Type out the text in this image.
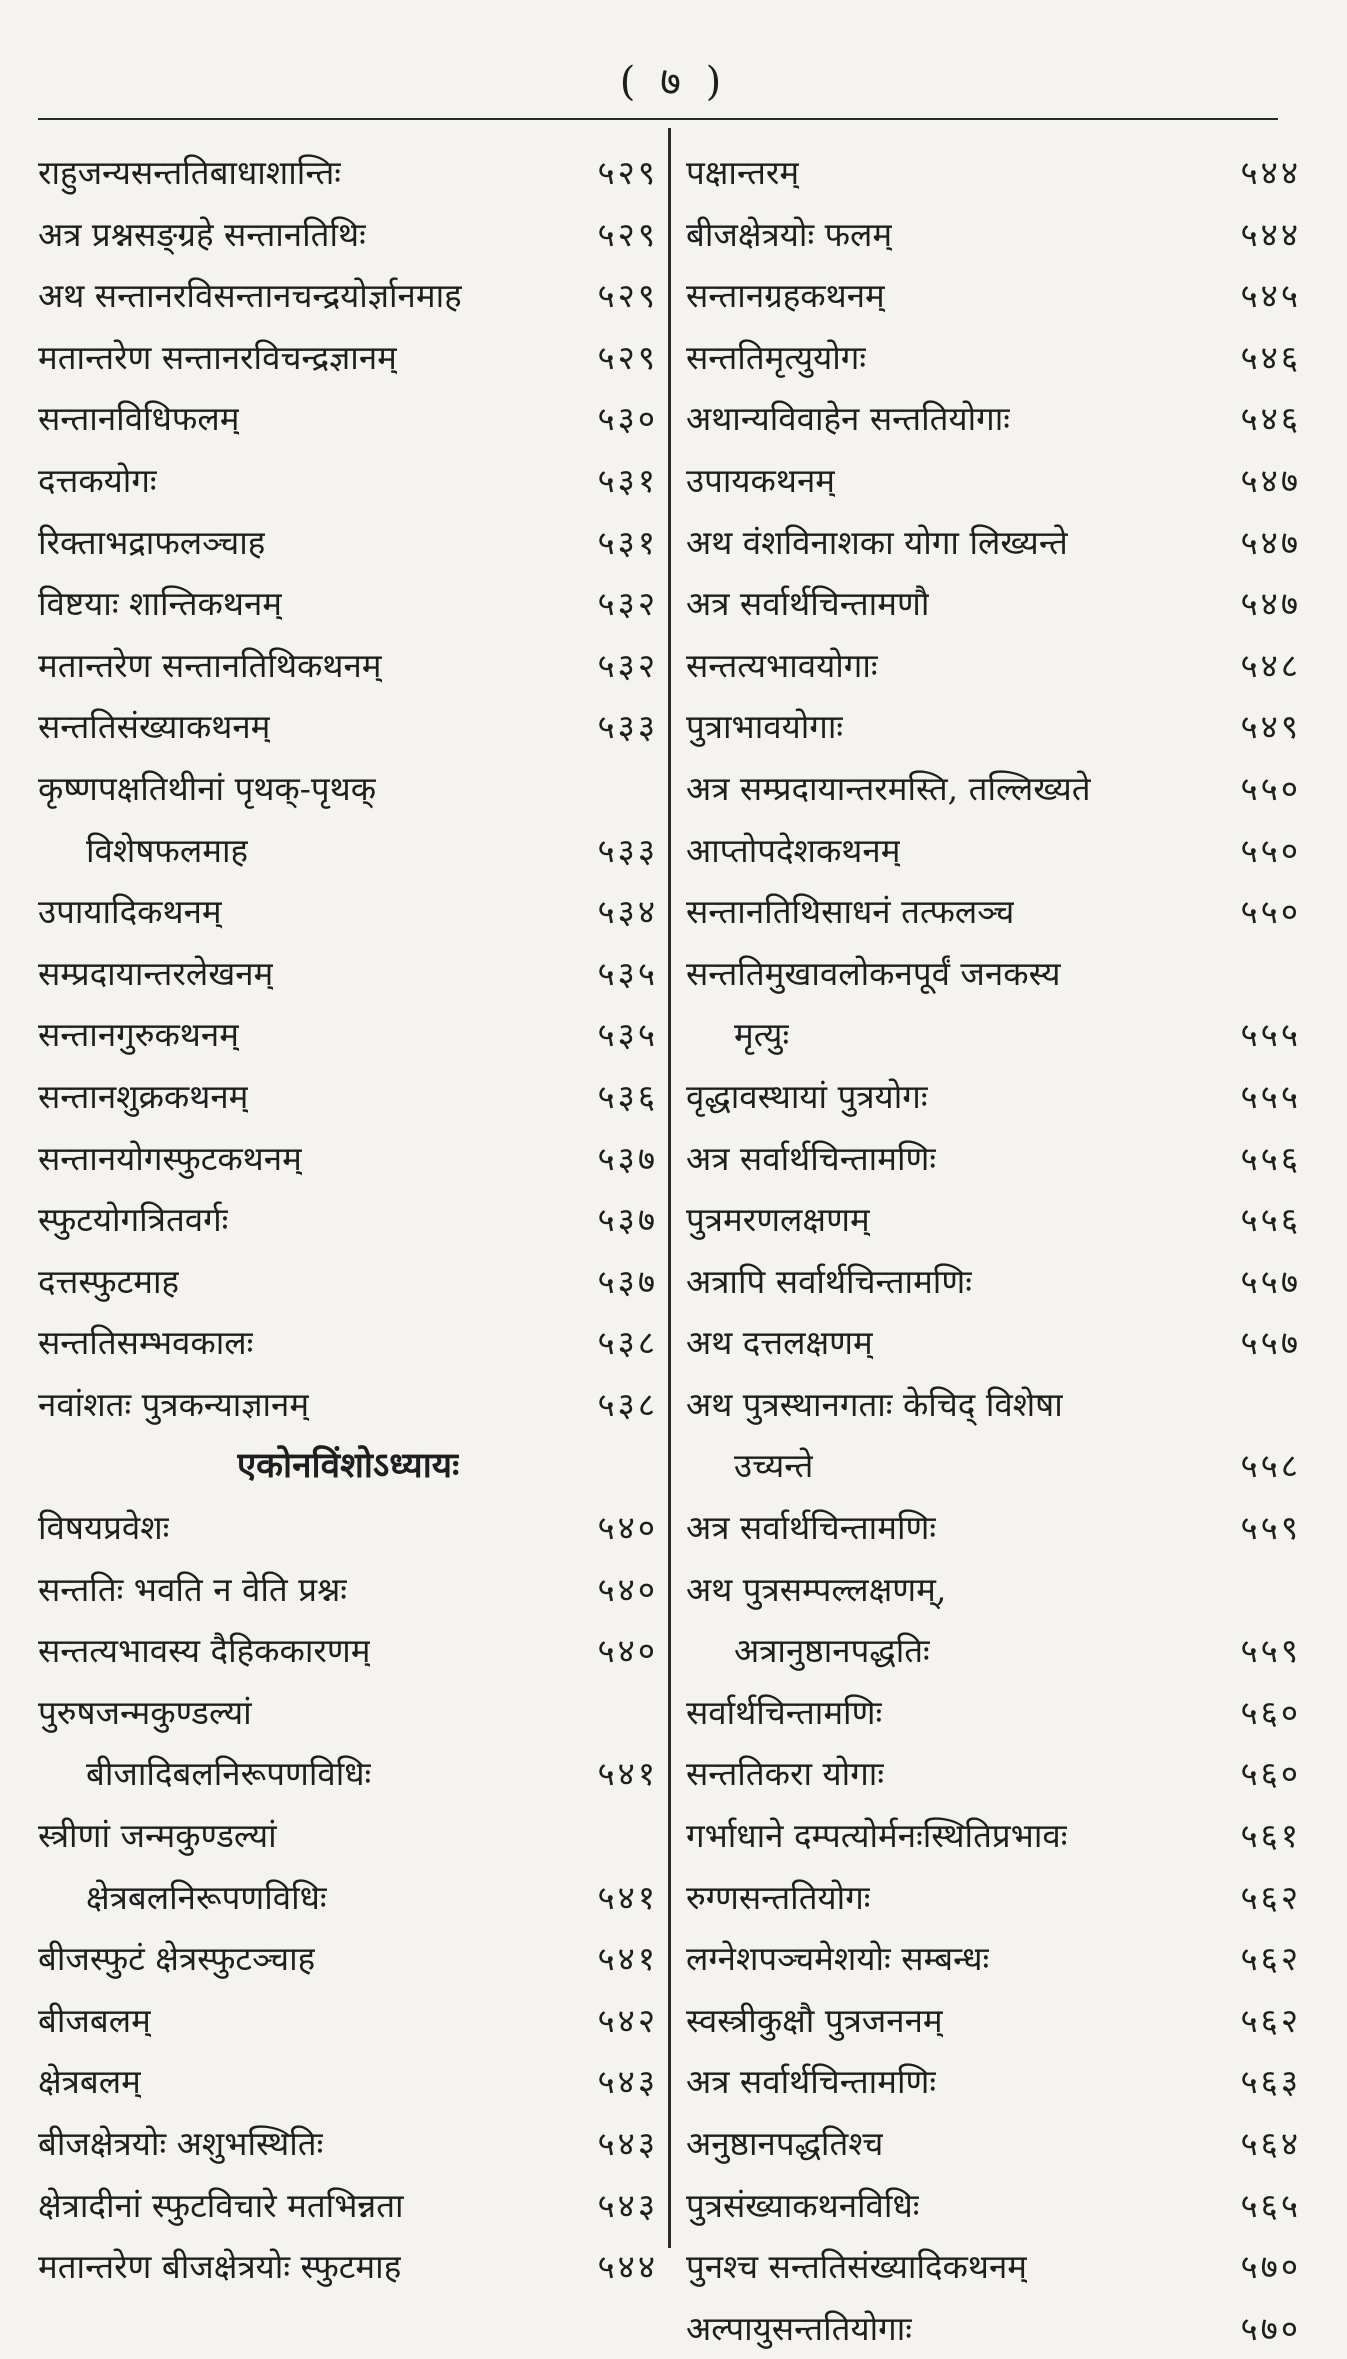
( ७ )
राहुजन्यसन्ततिबाधाशान्तिः	५२९
अत्र प्रश्नसङ्ग्रहे सन्तानतिथिः	५२९
अथ सन्तानरविसन्तानचन्द्रयोर्ज्ञानमाह	५२९
मतान्तरेण सन्तानरविचन्द्रज्ञानम्	५२९
सन्तानविधिफलम्	५३०
दत्तकयोगः	५३१
रिक्ताभद्राफलञ्चाह	५३१
विष्टयाः शान्तिकथनम्	५३२
मतान्तरेण सन्तानतिथिकथनम्	५३२
सन्ततिसंख्याकथनम्	५३३
कृष्णपक्षतिथीनां पृथक्-पृथक्
विशेषफलमाह	५३३
उपायादिकथनम्	५३४
सम्प्रदायान्तरलेखनम्	५३५
सन्तानगुरुकथनम्	५३५
सन्तानशुक्रकथनम्	५३६
सन्तानयोगस्फुटकथनम्	५३७
स्फुटयोगत्रितवर्गः	५३७
दत्तस्फुटमाह	५३७
सन्ततिसम्भवकालः	५३८
नवांशतः पुत्रकन्याज्ञानम्	५३८
एकोनविंशोऽध्यायः
विषयप्रवेशः	५४०
सन्ततिः भवति न वेति प्रश्नः	५४०
सन्तत्यभावस्य दैहिककारणम्	५४०
पुरुषजन्मकुण्डल्यां
बीजादिबलनिरूपणविधिः	५४१
स्त्रीणां जन्मकुण्डल्यां
क्षेत्रबलनिरूपणविधिः	५४१
बीजस्फुटं क्षेत्रस्फुटञ्चाह	५४१
बीजबलम्	५४२
क्षेत्रबलम्	५४३
बीजक्षेत्रयोः अशुभस्थितिः	५४३
क्षेत्रादीनां स्फुटविचारे मतभिन्नता	५४३
मतान्तरेण बीजक्षेत्रयोः स्फुटमाह	५४४
पक्षान्तरम्	५४४
बीजक्षेत्रयोः फलम्	५४४
सन्तानग्रहकथनम्	५४५
सन्ततिमृत्युयोगः	५४६
अथान्यविवाहेन सन्ततियोगाः	५४६
उपायकथनम्	५४७
अथ वंशविनाशका योगा लिख्यन्ते	५४७
अत्र सर्वार्थचिन्तामणौ	५४७
सन्तत्यभावयोगाः	५४८
पुत्राभावयोगाः	५४९
अत्र सम्प्रदायान्तरमस्ति, तल्लिख्यते	५५०
आप्तोपदेशकथनम्	५५०
सन्तानतिथिसाधनं तत्फलञ्च	५५०
सन्ततिमुखावलोकनपूर्वं जनकस्य
मृत्युः	५५५
वृद्धावस्थायां पुत्रयोगः	५५५
अत्र सर्वार्थचिन्तामणिः	५५६
पुत्रमरणलक्षणम्	५५६
अत्रापि सर्वार्थचिन्तामणिः	५५७
अथ दत्तलक्षणम्	५५७
अथ पुत्रस्थानगताः केचिद् विशेषा
उच्यन्ते	५५८
अत्र सर्वार्थचिन्तामणिः	५५९
अथ पुत्रसम्पल्लक्षणम्,
अत्रानुष्ठानपद्धतिः	५५९
सर्वार्थचिन्तामणिः	५६०
सन्ततिकरा योगाः	५६०
गर्भाधाने दम्पत्योर्मनःस्थितिप्रभावः	५६१
रुग्णसन्ततियोगः	५६२
लग्नेशपञ्चमेशयोः सम्बन्धः	५६२
स्वस्त्रीकुक्षौ पुत्रजननम्	५६२
अत्र सर्वार्थचिन्तामणिः	५६३
अनुष्ठानपद्धतिश्च	५६४
पुत्रसंख्याकथनविधिः	५६५
पुनश्च सन्ततिसंख्यादिकथनम्	५७०
अल्पायुसन्ततियोगाः	५७०
